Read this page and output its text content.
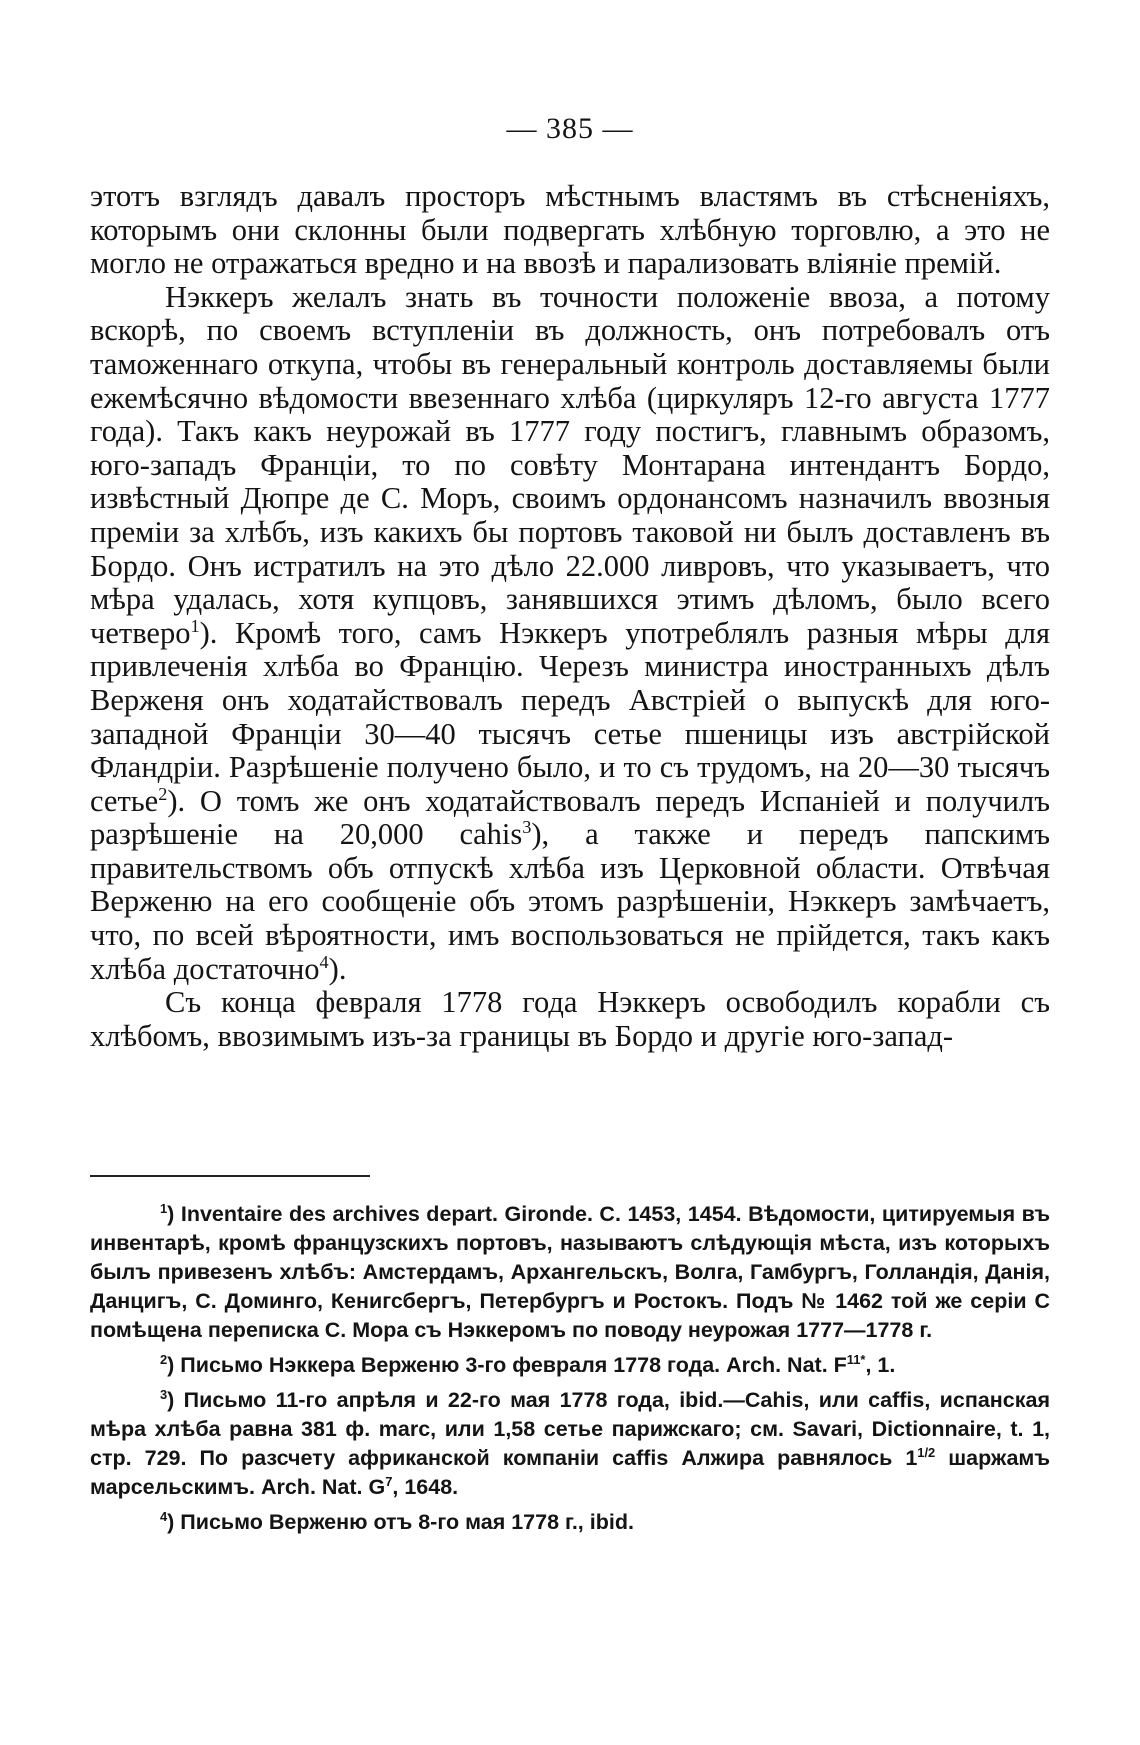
— 385 —

этотъ взглядъ давалъ просторъ мѣстнымъ властямъ въ стѣсненіяхъ, которымъ они склонны были подвергать хлѣбную торговлю, а это не могло не отражаться вредно и на ввозѣ и парализовать вліяніе премій.

Нэккеръ желалъ знать въ точности положеніе ввоза, а потому вскорѣ, по своемъ вступленіи въ должность, онъ потребовалъ отъ таможеннаго откупа, чтобы въ генеральный контроль доставляемы были ежемѣсячно вѣдомости ввезеннаго хлѣба (циркуляръ 12-го августа 1777 года). Такъ какъ неурожай въ 1777 году постигъ, главнымъ образомъ, юго-западъ Франціи, то по совѣту Монтарана интендантъ Бордо, извѣстный Дюпре де С. Моръ, своимъ ордонансомъ назначилъ ввозныя преміи за хлѣбъ, изъ какихъ бы портовъ таковой ни былъ доставленъ въ Бордо. Онъ истратилъ на это дѣло 22.000 ливровъ, что указываетъ, что мѣра удалась, хотя купцовъ, занявшихся этимъ дѣломъ, было всего четверо$^1$). Кромѣ того, самъ Нэккеръ употреблялъ разныя мѣры для привлеченія хлѣба во Францію. Черезъ министра иностранныхъ дѣлъ Верженя онъ ходатайствовалъ передъ Австріей о выпускѣ для юго-западной Франціи 30—40 тысячъ сетье пшеницы изъ австрійской Фландріи. Разрѣшеніе получено было, и то съ трудомъ, на 20—30 тысячъ сетье$^2$). О томъ же онъ ходатайствовалъ передъ Испаніей и получилъ разрѣшеніе на 20,000 cahis$^3$), а также и передъ папскимъ правительствомъ объ отпускѣ хлѣба изъ Церковной области. Отвѣчая Верженю на его сообщеніе объ этомъ разрѣшеніи, Нэккеръ замѣчаетъ, что, по всей вѣроятности, имъ воспользоваться не прійдется, такъ какъ хлѣба достаточно$^4$).

Съ конца февраля 1778 года Нэккеръ освободилъ корабли съ хлѣбомъ, ввозимымъ изъ-за границы въ Бордо и другіе юго-запад-

$^1$) Inventaire des archives depart. Gironde. C. 1453, 1454. Вѣдомости, цитируемыя въ инвентарѣ, кромѣ французскихъ портовъ, называютъ слѣдующія мѣста, изъ которыхъ былъ привезенъ хлѣбъ: Амстердамъ, Архангельскъ, Волга, Гамбургъ, Голландія, Данія, Данцигъ, С. Доминго, Кенигсбергъ, Петербургъ и Ростокъ. Подъ № 1462 той же серіи С помѣщена переписка С. Мора съ Нэккеромъ по поводу неурожая 1777—1778 г.

$^2$) Письмо Нэккера Верженю 3-го февраля 1778 года. Arch. Nat. $F^{11*}$, 1.

$^3$) Письмо 11-го апрѣля и 22-го мая 1778 года, ibid.—Cahis, или caffis, испанская мѣра хлѣба равна 381 ф. marc, или 1,58 сетье парижскаго; см. Savari, Dictionnaire, t. 1, стр. 729. По разсчету африканской компаніи caffis Алжира равнялось $1^{1/2}$ шаржамъ марсельскимъ. Arch. Nat. $G^7$, 1648.

$^4$) Письмо Верженю отъ 8-го мая 1778 г., ibid.
